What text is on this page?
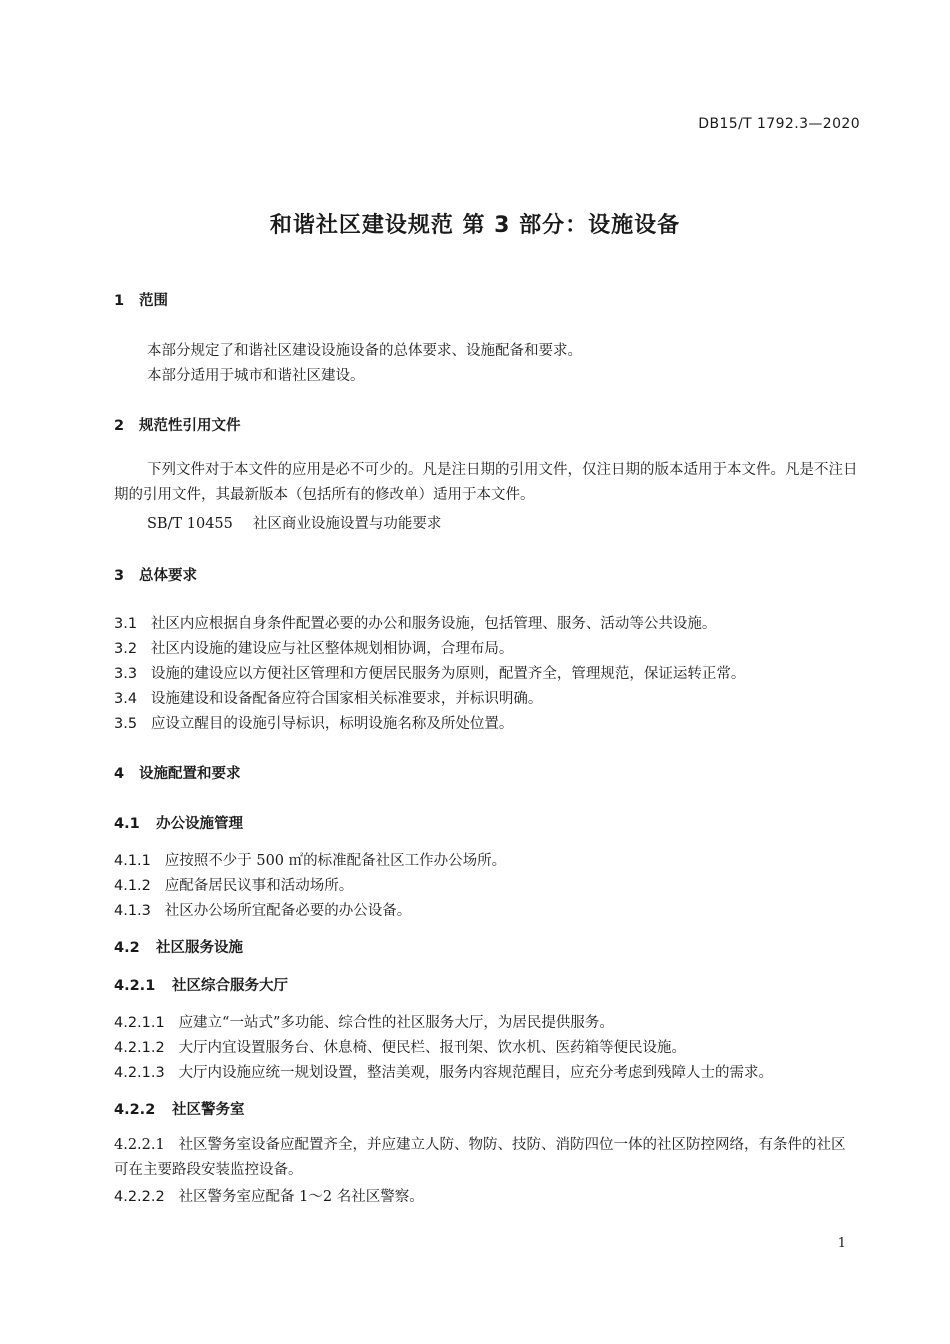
DB15/T 1792.3—2020
和谐社区建设规范 第 3 部分：设施设备
1 范围
本部分规定了和谐社区建设设施设备的总体要求、设施配备和要求。
本部分适用于城市和谐社区建设。
2 规范性引用文件
下列文件对于本文件的应用是必不可少的。凡是注日期的引用文件，仅注日期的版本适用于本文件。凡是不注日期的引用文件，其最新版本（包括所有的修改单）适用于本文件。
SB/T 10455 社区商业设施设置与功能要求
3 总体要求
3.1 社区内应根据自身条件配置必要的办公和服务设施，包括管理、服务、活动等公共设施。
3.2 社区内设施的建设应与社区整体规划相协调，合理布局。
3.3 设施的建设应以方便社区管理和方便居民服务为原则，配置齐全，管理规范，保证运转正常。
3.4 设施建设和设备配备应符合国家相关标准要求，并标识明确。
3.5 应设立醒目的设施引导标识，标明设施名称及所处位置。
4 设施配置和要求
4.1 办公设施管理
4.1.1 应按照不少于 500 ㎡的标准配备社区工作办公场所。
4.1.2 应配备居民议事和活动场所。
4.1.3 社区办公场所宜配备必要的办公设备。
4.2 社区服务设施
4.2.1 社区综合服务大厅
4.2.1.1 应建立“一站式”多功能、综合性的社区服务大厅，为居民提供服务。
4.2.1.2 大厅内宜设置服务台、休息椅、便民栏、报刊架、饮水机、医药箱等便民设施。
4.2.1.3 大厅内设施应统一规划设置，整洁美观，服务内容规范醒目，应充分考虑到残障人士的需求。
4.2.2 社区警务室
4.2.2.1 社区警务室设备应配置齐全，并应建立人防、物防、技防、消防四位一体的社区防控网络，有条件的社区可在主要路段安装监控设备。
4.2.2.2 社区警务室应配备 1～2 名社区警察。
1
